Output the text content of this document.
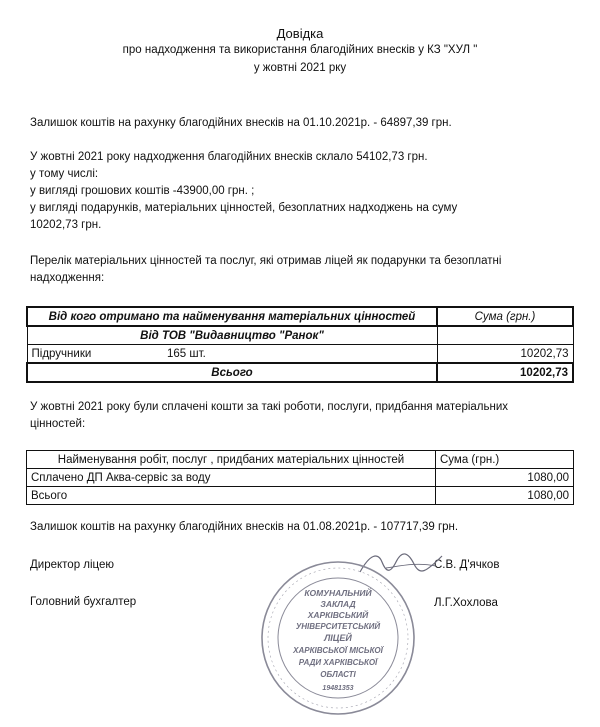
Довідка
про надходження та використання благодійних внесків у КЗ "ХУЛ "
у жовтні 2021 рку
Залишок коштів на рахунку благодійних внесків на 01.10.2021р. - 64897,39 грн.
У жовтні 2021 року надходження благодійних внесків склало 54102,73 грн.
у тому числі:
у вигляді грошових коштів -43900,00 грн. ;
у вигляді подарунків, матеріальних цінностей, безоплатних надходжень на суму
10202,73 грн.
Перелік матеріальних цінностей та послуг, які отримав ліцей як подарунки та безоплатні
надходження:
Від кого отримано та найменування матеріальних цінностей	Сума (грн.)
Від ТОВ "Видавництво "Ранок"	
Підручники 165 шт.	10202,73
Всього	10202,73
У жовтні 2021 року були сплачені кошти за такі роботи, послуги, придбання матеріальних
цінностей:
Найменування робіт, послуг , придбаних матеріальних цінностей	Сума (грн.)
Сплачено ДП Аква-сервіс за воду	1080,00
Всього	1080,00
Залишок коштів на рахунку благодійних внесків на 01.08.2021р. - 107717,39 грн.
Директор ліцею	С.В. Д'ячков
Головний бухгалтер	Л.Г.Хохлова
КОМУНАЛЬНИЙ
ЗАКЛАД
ХАРКІВСЬКИЙ
УНІВЕРСИТЕТСЬКИЙ
ЛІЦЕЙ
ХАРКІВСЬКОЇ МІСЬКОЇ
РАДИ ХАРКІВСЬКОЇ
ОБЛАСТІ
19481353
